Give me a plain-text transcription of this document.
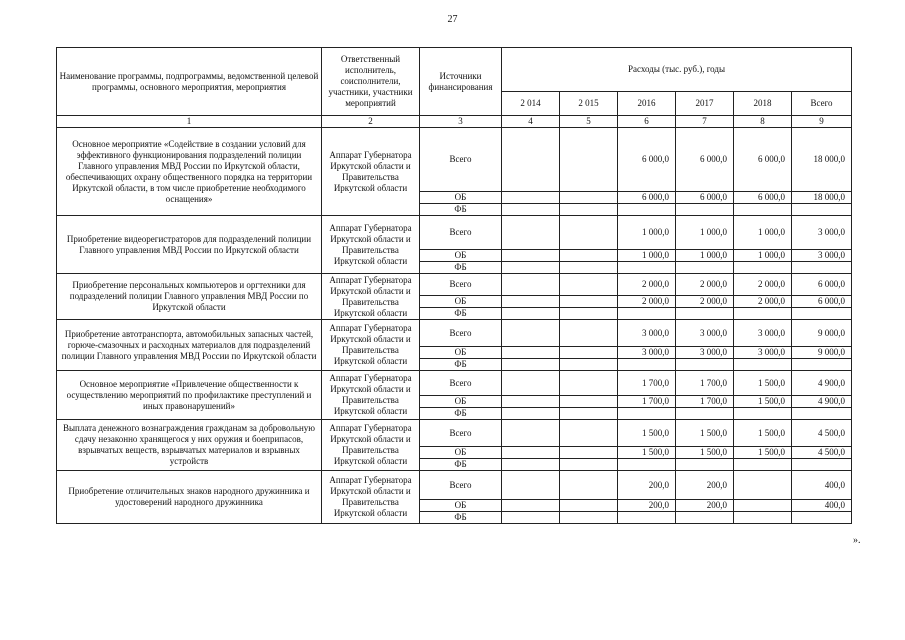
27
Наименование программы, подпрограммы, ведомственной целевой программы, основного мероприятия, мероприятия	Ответственный исполнитель, соисполнители, участники, участники мероприятий	Источники финансирования	Расходы (тыс. руб.), годы					
			2 014	2 015	2016	2017	2018	Всего
1	2	3	4	5	6	7	8	9
Основное мероприятие «Содействие в создании условий для эффективного функционирования подразделений полиции Главного управления МВД России по Иркутской области, обеспечивающих охрану общественного порядка на территории Иркутской области, в том числе приобретение необходимого оснащения»	Аппарат Губернатора Иркутской области и Правительства Иркутской области	Всего			6 000,0	6 000,0	6 000,0	18 000,0
		ОБ			6 000,0	6 000,0	6 000,0	18 000,0
		ФБ						
Приобретение видеорегистраторов для подразделений полиции Главного управления МВД России по Иркутской области	Аппарат Губернатора Иркутской области и Правительства Иркутской области	Всего			1 000,0	1 000,0	1 000,0	3 000,0
		ОБ			1 000,0	1 000,0	1 000,0	3 000,0
		ФБ						
Приобретение персональных компьютеров и оргтехники для подразделений полиции Главного управления МВД России по Иркутской области	Аппарат Губернатора Иркутской области и Правительства Иркутской области	Всего			2 000,0	2 000,0	2 000,0	6 000,0
		ОБ			2 000,0	2 000,0	2 000,0	6 000,0
		ФБ						
Приобретение автотранспорта, автомобильных запасных частей, горюче-смазочных и расходных материалов для подразделений полиции Главного управления МВД России по Иркутской области	Аппарат Губернатора Иркутской области и Правительства Иркутской области	Всего			3 000,0	3 000,0	3 000,0	9 000,0
		ОБ			3 000,0	3 000,0	3 000,0	9 000,0
		ФБ						
Основное мероприятие «Привлечение общественности к осуществлению мероприятий по профилактике преступлений и иных правонарушений»	Аппарат Губернатора Иркутской области и Правительства Иркутской области	Всего			1 700,0	1 700,0	1 500,0	4 900,0
		ОБ			1 700,0	1 700,0	1 500,0	4 900,0
		ФБ						
Выплата денежного вознаграждения гражданам за добровольную сдачу незаконно хранящегося у них оружия и боеприпасов, взрывчатых веществ, взрывчатых материалов и взрывных устройств	Аппарат Губернатора Иркутской области и Правительства Иркутской области	Всего			1 500,0	1 500,0	1 500,0	4 500,0
		ОБ			1 500,0	1 500,0	1 500,0	4 500,0
		ФБ						
Приобретение отличительных знаков народного дружинника и удостоверений народного дружинника	Аппарат Губернатора Иркутской области и Правительства Иркутской области	Всего			200,0	200,0		400,0
		ОБ			200,0	200,0		400,0
		ФБ						
».
